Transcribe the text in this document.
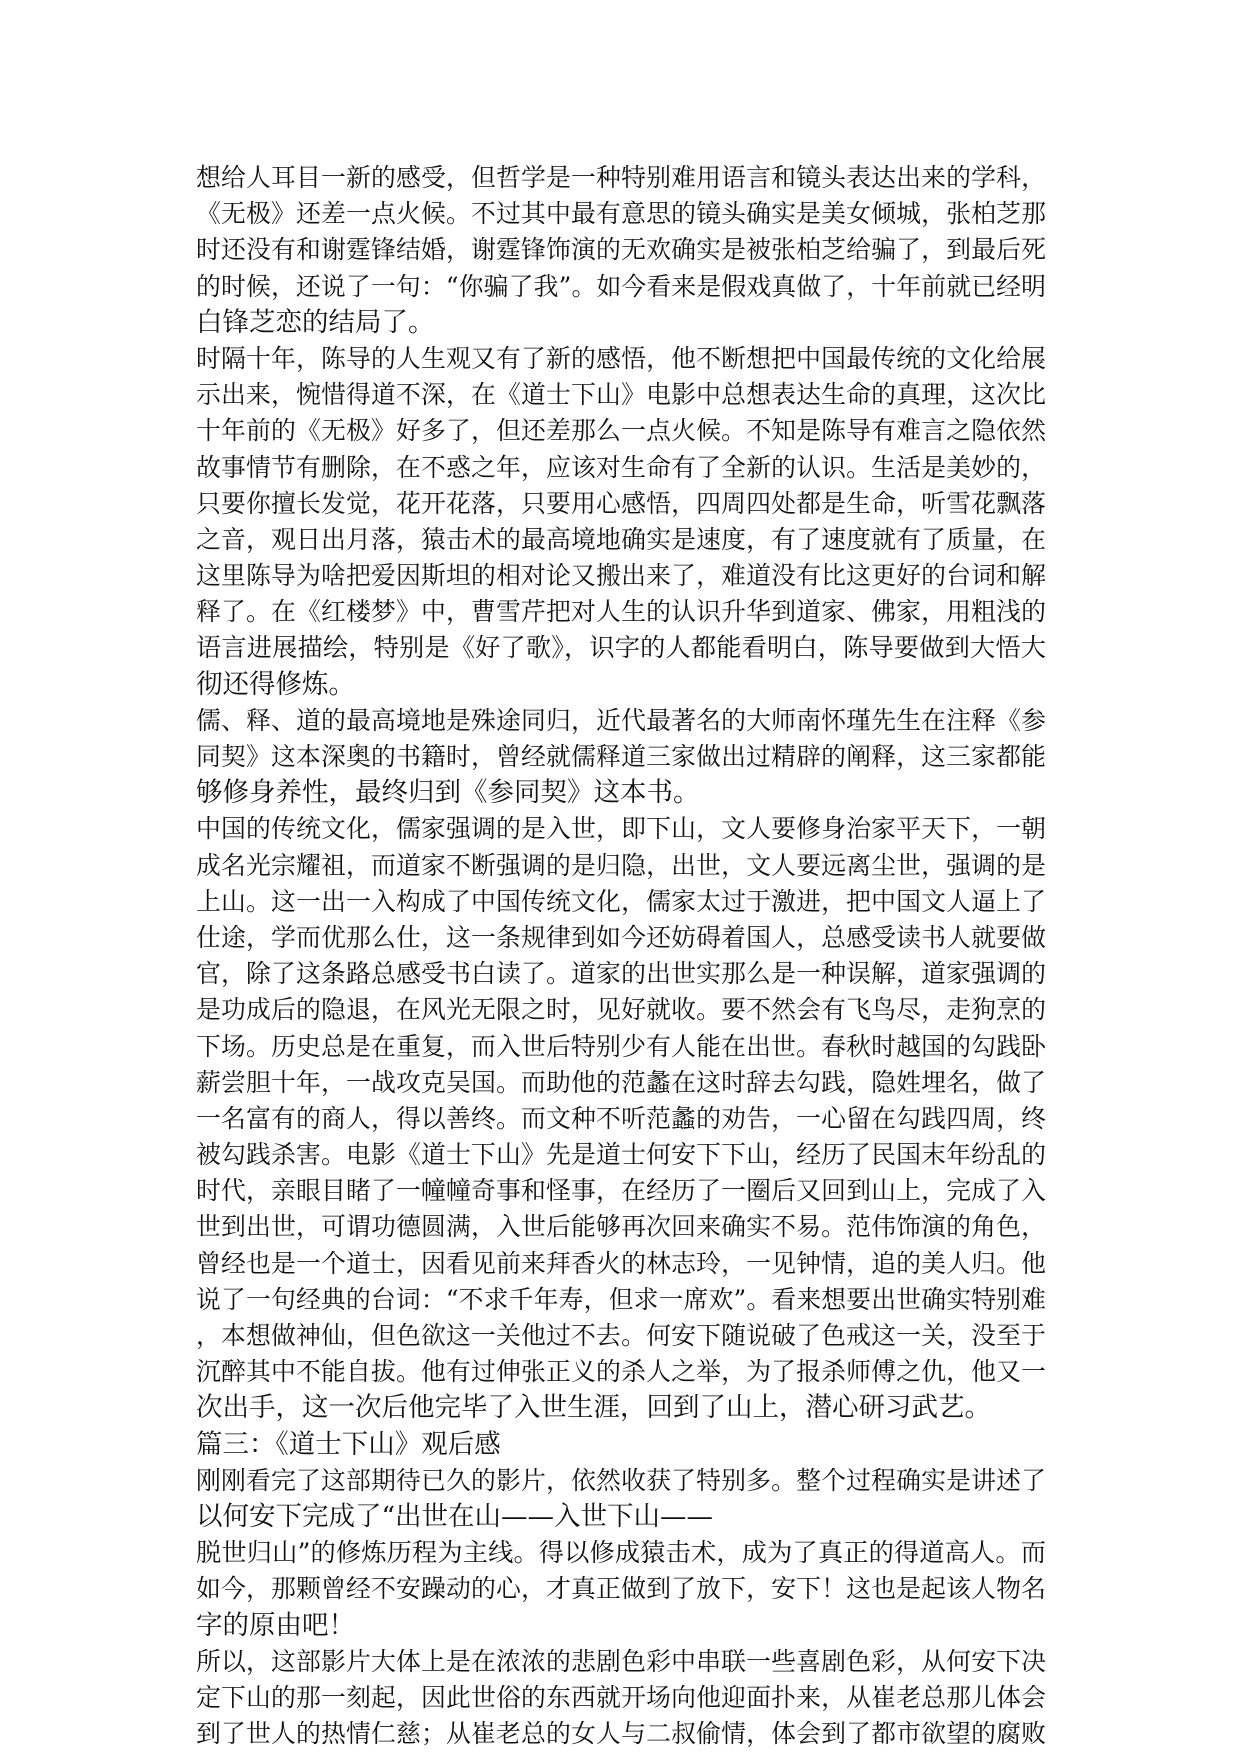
想给人耳目一新的感受，但哲学是一种特别难用语言和镜头表达出来的学科，
《无极》还差一点火候。不过其中最有意思的镜头确实是美女倾城，张柏芝那
时还没有和谢霆锋结婚，谢霆锋饰演的无欢确实是被张柏芝给骗了，到最后死
的时候，还说了一句：“你骗了我”。如今看来是假戏真做了，十年前就已经明
白锋芝恋的结局了。
时隔十年，陈导的人生观又有了新的感悟，他不断想把中国最传统的文化给展
示出来，惋惜得道不深，在《道士下山》电影中总想表达生命的真理，这次比
十年前的《无极》好多了，但还差那么一点火候。不知是陈导有难言之隐依然
故事情节有删除，在不惑之年，应该对生命有了全新的认识。生活是美妙的，
只要你擅长发觉，花开花落，只要用心感悟，四周四处都是生命，听雪花飘落
之音，观日出月落，猿击术的最高境地确实是速度，有了速度就有了质量，在
这里陈导为啥把爱因斯坦的相对论又搬出来了，难道没有比这更好的台词和解
释了。在《红楼梦》中，曹雪芹把对人生的认识升华到道家、佛家，用粗浅的
语言进展描绘，特别是《好了歌》，识字的人都能看明白，陈导要做到大悟大
彻还得修炼。
儒、释、道的最高境地是殊途同归，近代最著名的大师南怀瑾先生在注释《参
同契》这本深奥的书籍时，曾经就儒释道三家做出过精辟的阐释，这三家都能
够修身养性，最终归到《参同契》这本书。
中国的传统文化，儒家强调的是入世，即下山，文人要修身治家平天下，一朝
成名光宗耀祖，而道家不断强调的是归隐，出世，文人要远离尘世，强调的是
上山。这一出一入构成了中国传统文化，儒家太过于激进，把中国文人逼上了
仕途，学而优那么仕，这一条规律到如今还妨碍着国人，总感受读书人就要做
官，除了这条路总感受书白读了。道家的出世实那么是一种误解，道家强调的
是功成后的隐退，在风光无限之时，见好就收。要不然会有飞鸟尽，走狗烹的
下场。历史总是在重复，而入世后特别少有人能在出世。春秋时越国的勾践卧
薪尝胆十年，一战攻克吴国。而助他的范蠡在这时辞去勾践，隐姓埋名，做了
一名富有的商人，得以善终。而文种不听范蠡的劝告，一心留在勾践四周，终
被勾践杀害。电影《道士下山》先是道士何安下下山，经历了民国末年纷乱的
时代，亲眼目睹了一幢幢奇事和怪事，在经历了一圈后又回到山上，完成了入
世到出世，可谓功德圆满，入世后能够再次回来确实不易。范伟饰演的角色，
曾经也是一个道士，因看见前来拜香火的林志玲，一见钟情，追的美人归。他
说了一句经典的台词：“不求千年寿，但求一席欢”。看来想要出世确实特别难
，本想做神仙，但色欲这一关他过不去。何安下随说破了色戒这一关，没至于
沉醉其中不能自拔。他有过伸张正义的杀人之举，为了报杀师傅之仇，他又一
次出手，这一次后他完毕了入世生涯，回到了山上，潜心研习武艺。
篇三：《道士下山》观后感
刚刚看完了这部期待已久的影片，依然收获了特别多。整个过程确实是讲述了
以何安下完成了“出世在山——入世下山——
脱世归山”的修炼历程为主线。得以修成猿击术，成为了真正的得道高人。而
如今，那颗曾经不安躁动的心，才真正做到了放下，安下！这也是起该人物名
字的原由吧！
所以，这部影片大体上是在浓浓的悲剧色彩中串联一些喜剧色彩，从何安下决
定下山的那一刻起，因此世俗的东西就开场向他迎面扑来，从崔老总那儿体会
到了世人的热情仁慈；从崔老总的女人与二叔偷情，体会到了都市欲望的腐败
